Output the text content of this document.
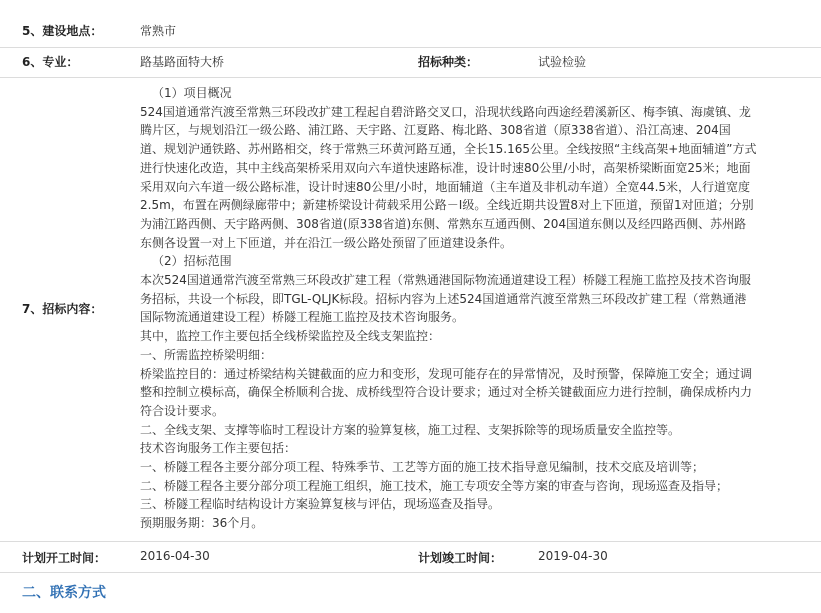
5、建设地点：	常熟市
6、专业：	路基路面特大桥	招标种类：	试验检验
7、招标内容：

（1）项目概况

524国道通常汽渡至常熟三环段改扩建工程起自碧浒路交叉口，沿现状线路向西途经碧溪新区、梅李镇、海虞镇、龙

腾片区，与规划沿江一级公路、浦江路、天宇路、江夏路、梅北路、308省道（原338省道）、沿江高速、204国

道、规划沪通铁路、苏州路相交，终于常熟三环黄河路互通，全长15.165公里。全线按照“主线高架+地面辅道”方式

进行快速化改造，其中主线高架桥采用双向六车道快速路标准，设计时速80公里/小时，高架桥梁断面宽25米；地面

采用双向六车道一级公路标准，设计时速80公里/小时，地面辅道（主车道及非机动车道）全宽44.5米，人行道宽度

2.5m，布置在两侧绿廊带中；新建桥梁设计荷载采用公路－I级。全线近期共设置8对上下匝道，预留1对匝道；分别

为浦江路西侧、天宇路两侧、308省道(原338省道)东侧、常熟东互通西侧、204国道东侧以及经四路西侧、苏州路

东侧各设置一对上下匝道，并在沿江一级公路处预留了匝道建设条件。

（2）招标范围

本次524国道通常汽渡至常熟三环段改扩建工程（常熟通港国际物流通道建设工程）桥隧工程施工监控及技术咨询服

务招标，共设一个标段，即TGL-QLJK标段。招标内容为上述524国道通常汽渡至常熟三环段改扩建工程（常熟通港

国际物流通道建设工程）桥隧工程施工监控及技术咨询服务。

其中，监控工作主要包括全线桥梁监控及全线支架监控：

一、所需监控桥梁明细：

桥梁监控目的：通过桥梁结构关键截面的应力和变形，发现可能存在的异常情况，及时预警，保障施工安全；通过调

整和控制立模标高，确保全桥顺利合拢、成桥线型符合设计要求；通过对全桥关键截面应力进行控制，确保成桥内力

符合设计要求。

二、全线支架、支撑等临时工程设计方案的验算复核，施工过程、支架拆除等的现场质量安全监控等。

技术咨询服务工作主要包括：

一、桥隧工程各主要分部分项工程、特殊季节、工艺等方面的施工技术指导意见编制，技术交底及培训等；

二、桥隧工程各主要分部分项工程施工组织，施工技术，施工专项安全等方案的审查与咨询，现场巡查及指导；

三、桥隧工程临时结构设计方案验算复核与评估，现场巡查及指导。

预期服务期：36个月。

计划开工时间：	2016-04-30	计划竣工时间：	2019-04-30
二、联系方式
